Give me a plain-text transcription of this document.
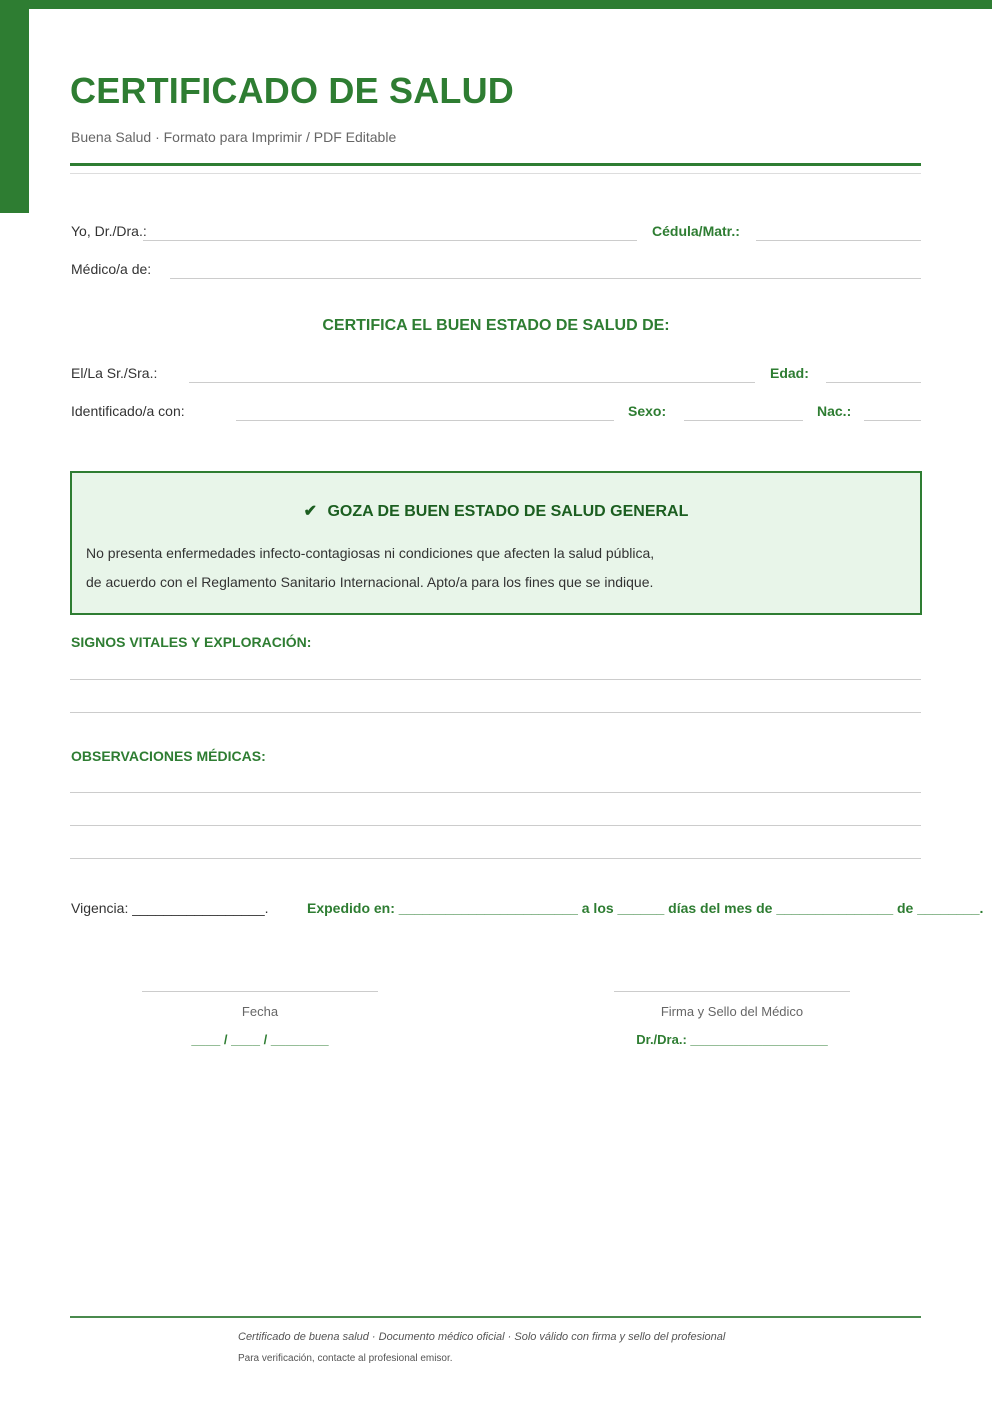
CERTIFICADO DE SALUD
Buena Salud · Formato para Imprimir / PDF Editable
Yo, Dr./Dra.:	Cédula/Matr.:
Médico/a de:
CERTIFICA EL BUEN ESTADO DE SALUD DE:
El/La Sr./Sra.:	Edad:
Identificado/a con:	Sexo:	Nac.:
✔ GOZA DE BUEN ESTADO DE SALUD GENERAL
No presenta enfermedades infecto-contagiosas ni condiciones que afecten la salud pública,
de acuerdo con el Reglamento Sanitario Internacional. Apto/a para los fines que se indique.
SIGNOS VITALES Y EXPLORACIÓN:
OBSERVACIONES MÉDICAS:
Vigencia: _________________.	Expedido en: _______________________ a los ______ días del mes de _______________ de ________.
Fecha
____ / ____ / ________
Firma y Sello del Médico
Dr./Dra.: ___________________
Certificado de buena salud · Documento médico oficial · Solo válido con firma y sello del profesional
Para verificación, contacte al profesional emisor.
